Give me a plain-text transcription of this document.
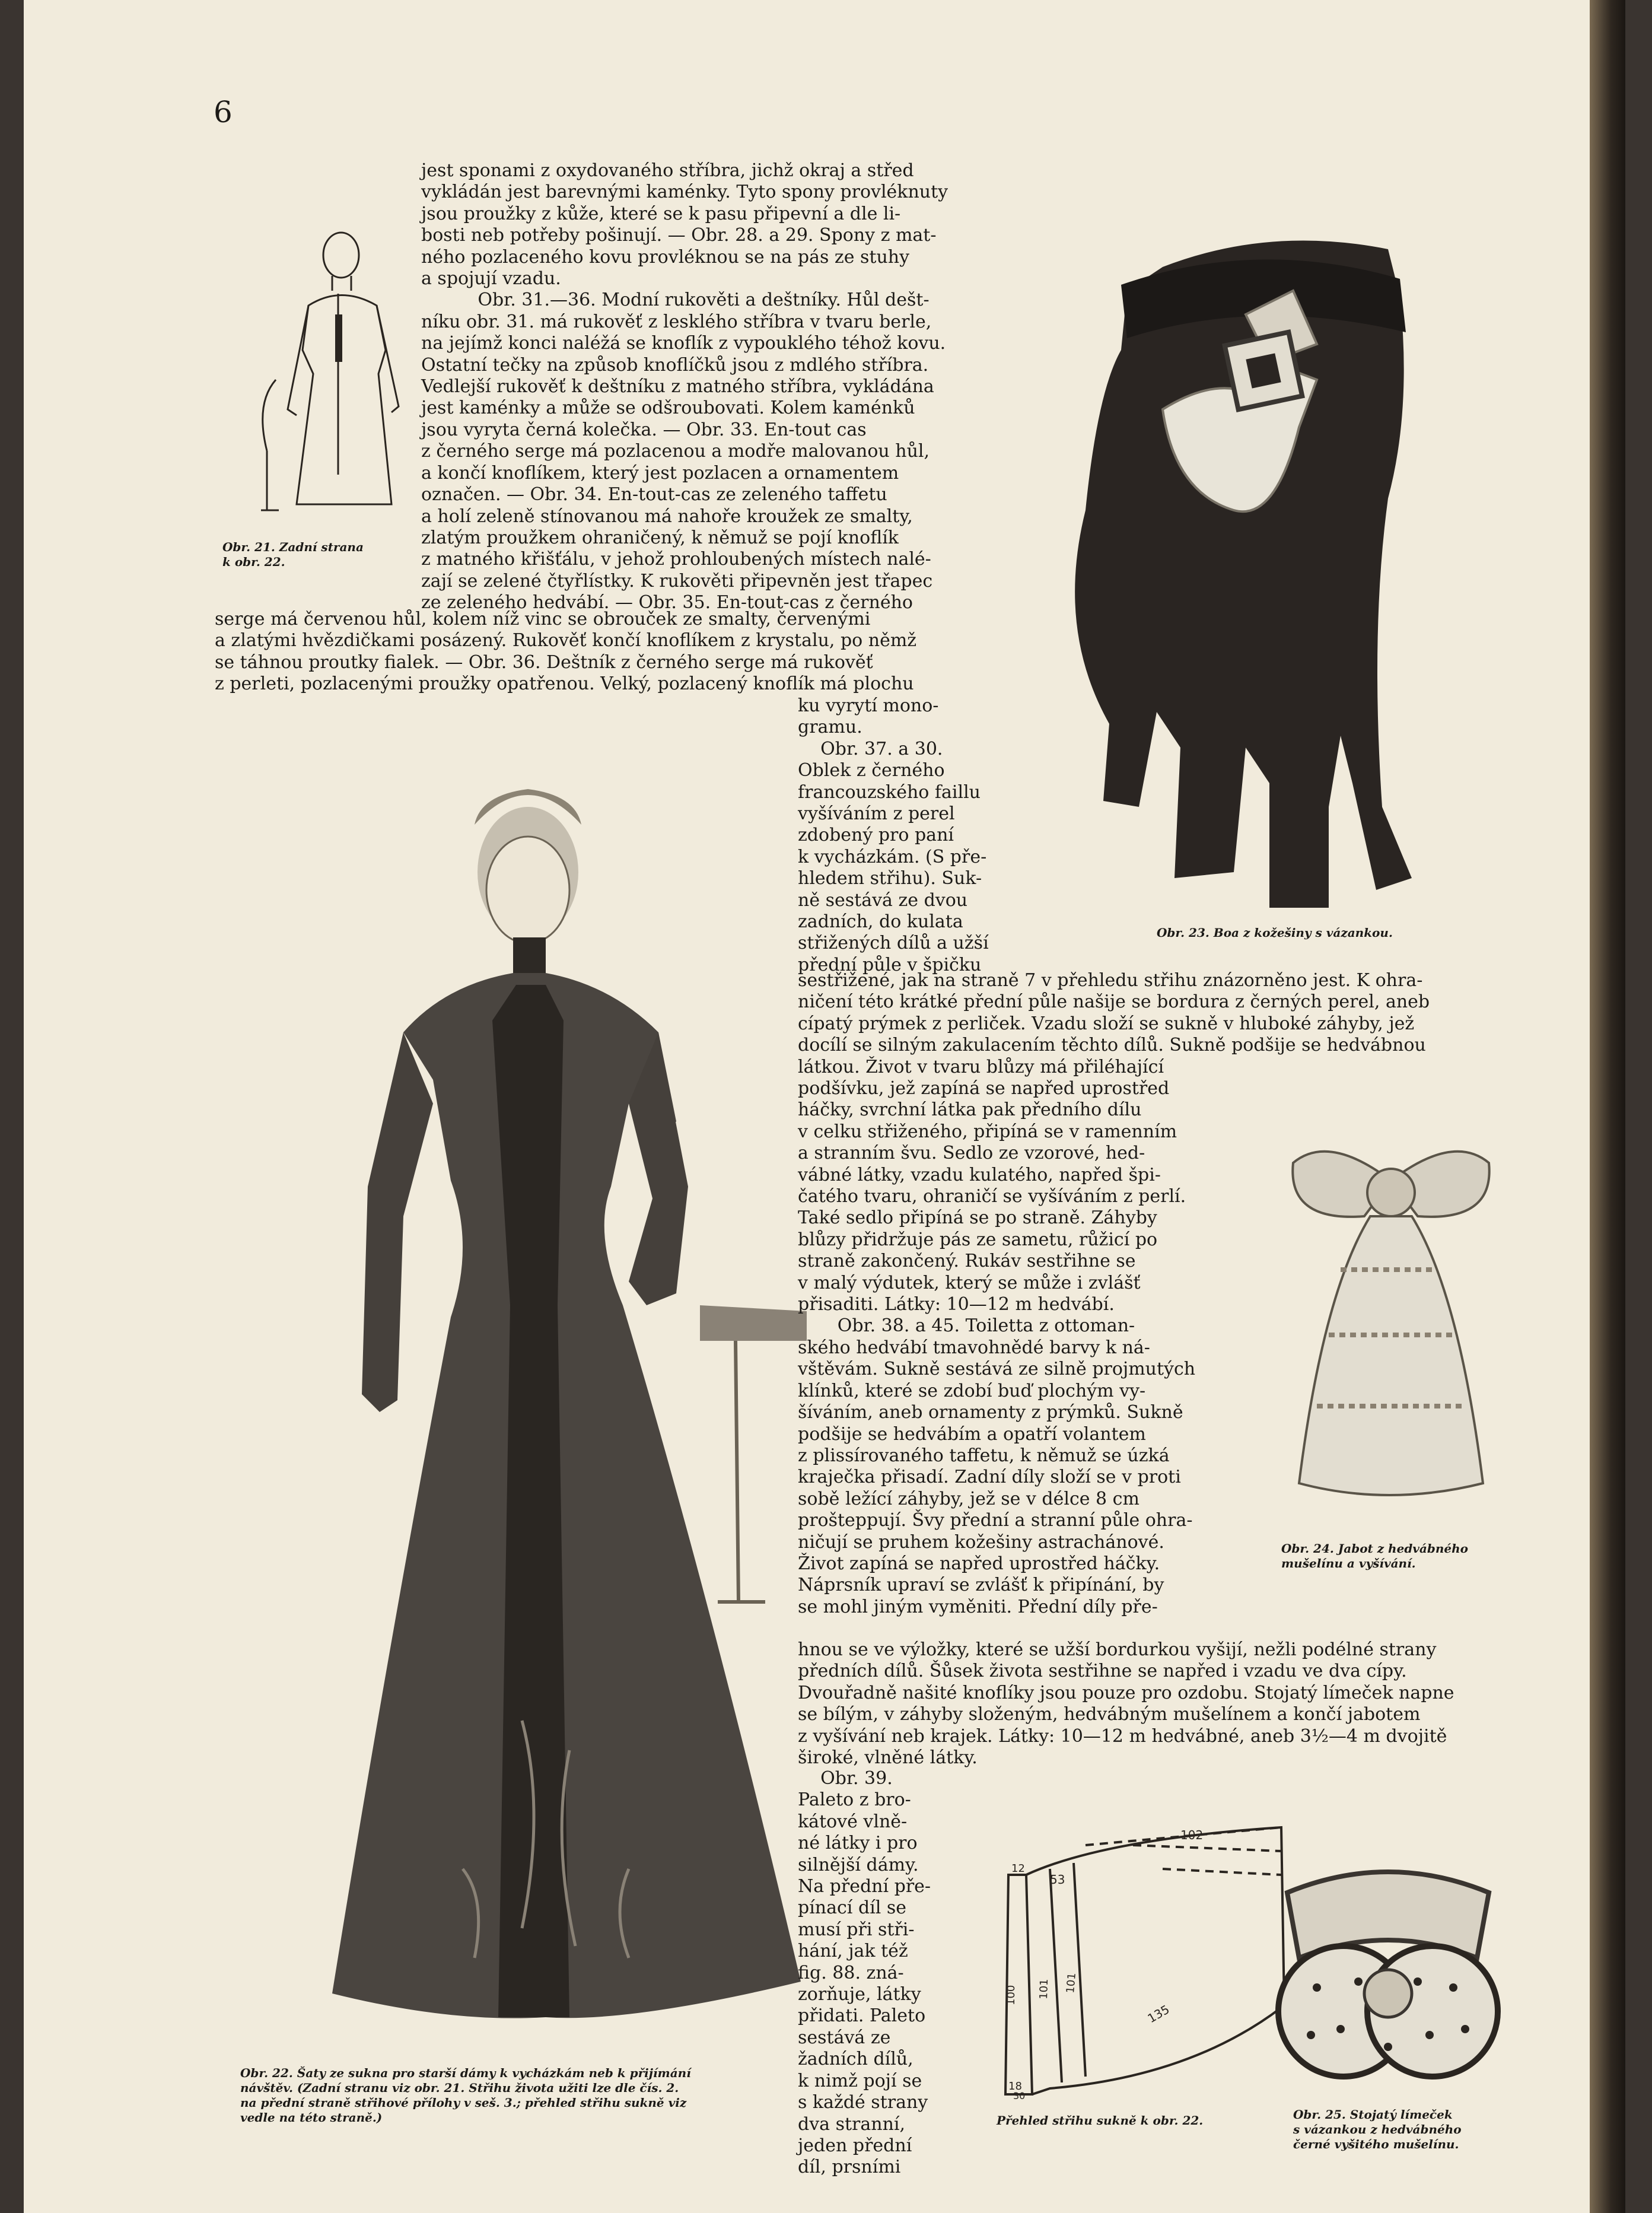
6

Obr. 21. Zadní strana
k obr. 22.

Obr. 23. Boa z kožešiny s vázankou.

Obr. 22. Šaty ze sukna pro starší dámy k vycházkám neb k přijímání
návštěv. (Zadní stranu viz obr. 21. Střihu života užiti lze dle čís. 2.
na přední straně střihové přílohy v seš. 3.; přehled střihu sukně viz
vedle na této straně.)

Obr. 24. Jabot z hedvábného
mušelínu a vyšívání.

102
12
53
100 101 101
135
18
30

Přehled střihu sukně k obr. 22.	Obr. 25. Stojatý límeček
s vázankou z hedvábného
černé vyšitého mušelínu.

jest sponami z oxydovaného stříbra, jichž okraj a střed
vykládán jest barevnými kaménky. Tyto spony provléknuty
jsou proužky z kůže, které se k pasu připevní a dle li-
bosti neb potřeby pošinují. — Obr. 28. a 29. Spony z mat-
ného pozlaceného kovu provléknou se na pás ze stuhy
a spojují vzadu.
Obr. 31.—36. Modní rukověti a deštníky. Hůl dešt-
níku obr. 31. má rukověť z lesklého stříbra v tvaru berle,
na jejímž konci naléžá se knoflík z vypouklého téhož kovu.
Ostatní tečky na způsob knoflíčků jsou z mdlého stříbra.
Vedlejší rukověť k deštníku z matného stříbra, vykládána
jest kaménky a může se odšroubovati. Kolem kaménků
jsou vyryta černá kolečka. — Obr. 33. En-tout cas
z černého serge má pozlacenou a modře malovanou hůl,
a končí knoflíkem, který jest pozlacen a ornamentem
označen. — Obr. 34. En-tout-cas ze zeleného taffetu
a holí zeleně stínovanou má nahoře kroužek ze smalty,
zlatým proužkem ohraničený, k němuž se pojí knoflík
z matného křišťálu, v jehož prohloubených místech nalé-
zají se zelené čtyřlístky. K rukověti připevněn jest třapec
ze zeleného hedvábí. — Obr. 35. En-tout-cas z černého

serge má červenou hůl, kolem níž vinc se obrouček ze smalty, červenými
a zlatými hvězdičkami posázený. Rukověť končí knoflíkem z krystalu, po němž
se táhnou proutky fialek. — Obr. 36. Deštník z černého serge má rukověť
z perleti, pozlacenými proužky opatřenou. Velký, pozlacený knoflík má plochu

ku vyrytí mono-
gramu.
Obr. 37. a 30.
Oblek z černého
francouzského faillu
vyšíváním z perel
zdobený pro paní
k vycházkám. (S pře-
hledem střihu). Suk-
ně sestává ze dvou
zadních, do kulata
střižených dílů a užší
přední půle v špičku

sestřižené, jak na straně 7 v přehledu střihu znázorněno jest. K ohra-
ničení této krátké přední půle našije se bordura z černých perel, aneb
cípatý prýmek z perliček. Vzadu složí se sukně v hluboké záhyby, jež
docílí se silným zakulacením těchto dílů. Sukně podšije se hedvábnou
látkou. Život v tvaru blůzy má přiléhající

podšívku, jež zapíná se napřed uprostřed
háčky, svrchní látka pak předního dílu
v celku střiženého, připíná se v ramenním
a stranním švu. Sedlo ze vzorové, hed-
vábné látky, vzadu kulatého, napřed špi-
čatého tvaru, ohraničí se vyšíváním z perlí.
Také sedlo připíná se po straně. Záhyby
blůzy přidržuje pás ze sametu, růžicí po
straně zakončený. Rukáv sestřihne se
v malý výdutek, který se může i zvlášť
přisaditi. Látky: 10—12 m hedvábí.
Obr. 38. a 45. Toiletta z ottoman-
ského hedvábí tmavohnědé barvy k ná-
vštěvám. Sukně sestává ze silně projmutých
klínků, které se zdobí buď plochým vy-
šíváním, aneb ornamenty z prýmků. Sukně
podšije se hedvábím a opatří volantem
z plissírovaného taffetu, k němuž se úzká
kraječka přisadí. Zadní díly složí se v proti
sobě ležící záhyby, jež se v délce 8 cm
prošteppují. Švy přední a stranní půle ohra-
ničují se pruhem kožešiny astrachánové.
Život zapíná se napřed uprostřed háčky.
Náprsník upraví se zvlášť k připínání, by
se mohl jiným vyměniti. Přední díly pře-

hnou se ve výložky, které se užší bordurkou vyšijí, nežli podélné strany
předních dílů. Šůsek života sestřihne se napřed i vzadu ve dva cípy.
Dvouřadně našité knoflíky jsou pouze pro ozdobu. Stojatý límeček napne
se bílým, v záhyby složeným, hedvábným mušelínem a končí jabotem
z vyšívání neb krajek. Látky: 10—12 m hedvábné, aneb 3½—4 m dvojitě
široké, vlněné látky.

Obr. 39.
Paleto z bro-
kátové vlně-
né látky i pro
silnější dámy.
Na přední pře-
pínací díl se
musí při stři-
hání, jak též
fig. 88. zná-
zorňuje, látky
přidati. Paleto
sestává ze
žadních dílů,
k nimž pojí se
s každé strany
dva stranní,
jeden přední
díl, prsními
